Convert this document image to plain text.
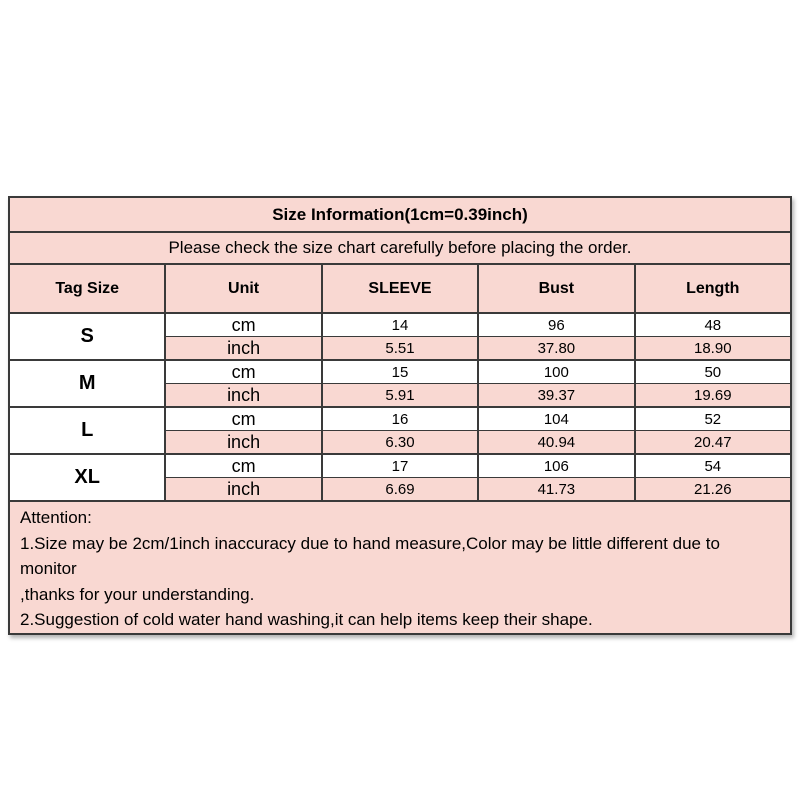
Size Information(1cm=0.39inch)				
Please check the size chart carefully before placing the order.				
Tag Size	Unit	SLEEVE	Bust	Length
S	cm	14	96	48
	inch	5.51	37.80	18.90
M	cm	15	100	50
	inch	5.91	39.37	19.69
L	cm	16	104	52
	inch	6.30	40.94	20.47
XL	cm	17	106	54
	inch	6.69	41.73	21.26

Attention:
1.Size may be 2cm/1inch inaccuracy due to hand measure,Color may be little different due to monitor
,thanks for your understanding.
2.Suggestion of cold water hand washing,it can help items keep their shape.				
